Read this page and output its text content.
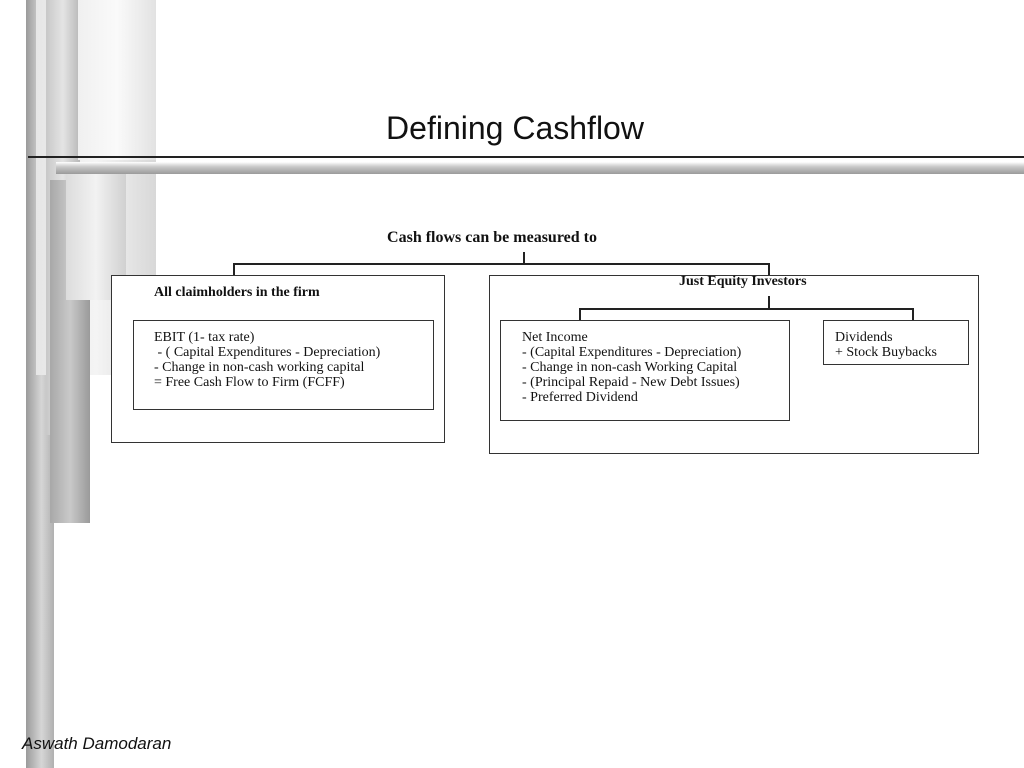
Defining Cashflow
Cash flows can be measured to
All claimholders in the firm
EBIT (1- tax rate)
- ( Capital Expenditures - Depreciation)
- Change in non-cash working capital
= Free Cash Flow to Firm (FCFF)
Just Equity Investors
Net Income
- (Capital Expenditures - Depreciation)
- Change in non-cash Working Capital
- (Principal Repaid - New Debt Issues)
- Preferred Dividend
Dividends
+ Stock Buybacks
Aswath Damodaran
